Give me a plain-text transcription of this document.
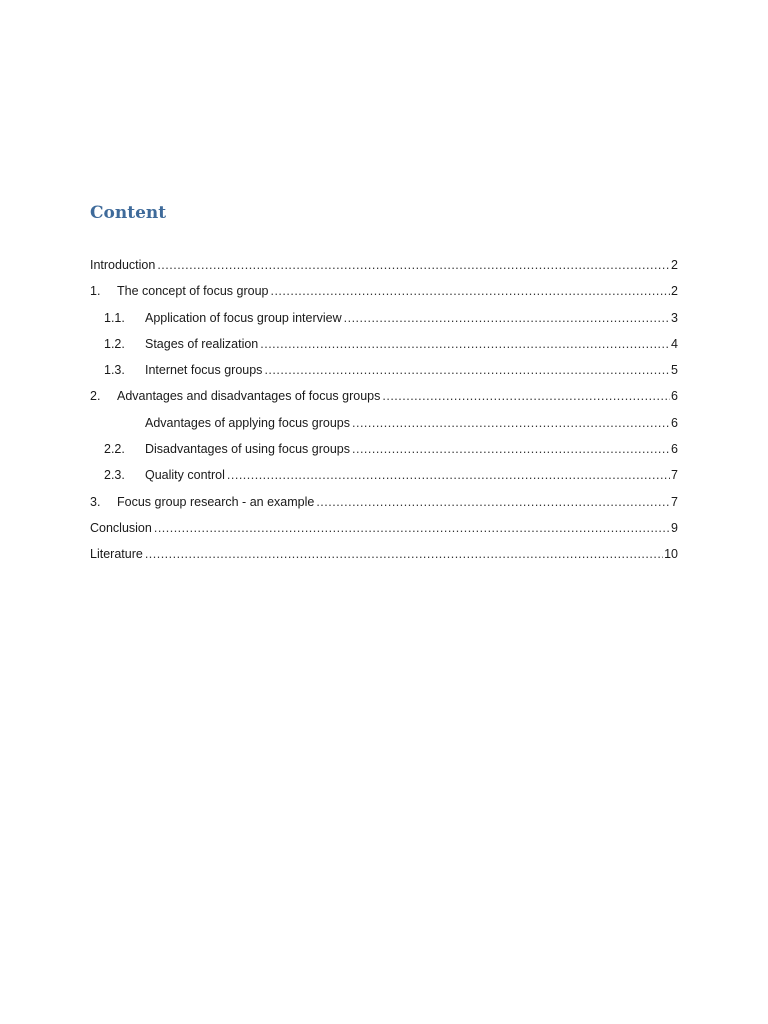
Content
Introduction .....	2
1.	The concept of focus group .....	2
1.1.	Application of focus group interview .....	3
1.2.	Stages of realization .....	4
1.3.	Internet focus groups .....	5
2.	Advantages and disadvantages of focus groups .....	6
Advantages of applying focus groups .....	6
2.2.	Disadvantages of using focus groups .....	6
2.3.	Quality control .....	7
3.	Focus group research - an example .....	7
Conclusion .....	9
Literature .....	10
